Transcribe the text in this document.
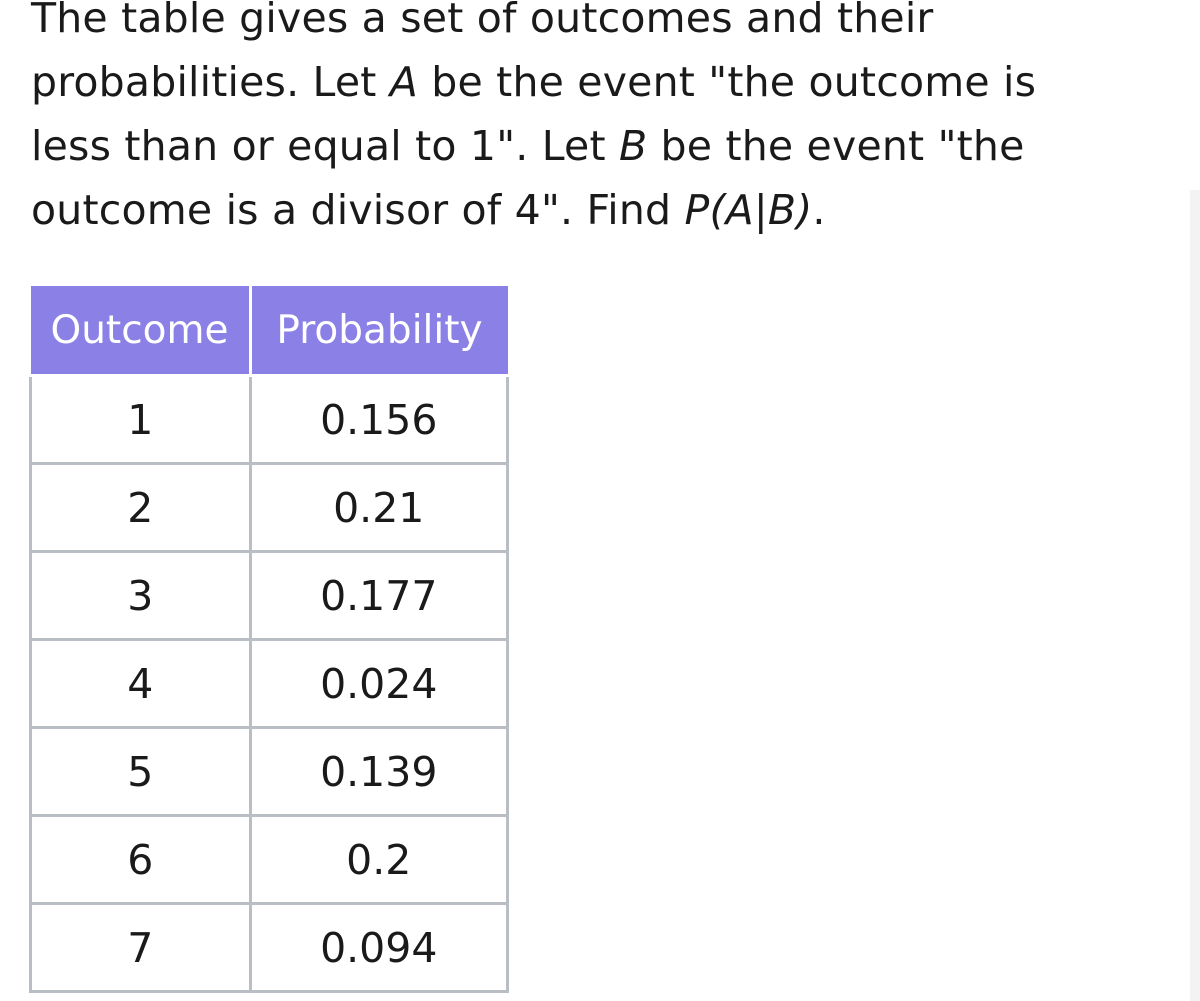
The table gives a set of outcomes and their

probabilities. Let A be the event "the outcome is

less than or equal to 1". Let B be the event "the

outcome is a divisor of 4". Find P(A|B).

Outcome	Probability
1	0.156
2	0.21
3	0.177
4	0.024
5	0.139
6	0.2
7	0.094
